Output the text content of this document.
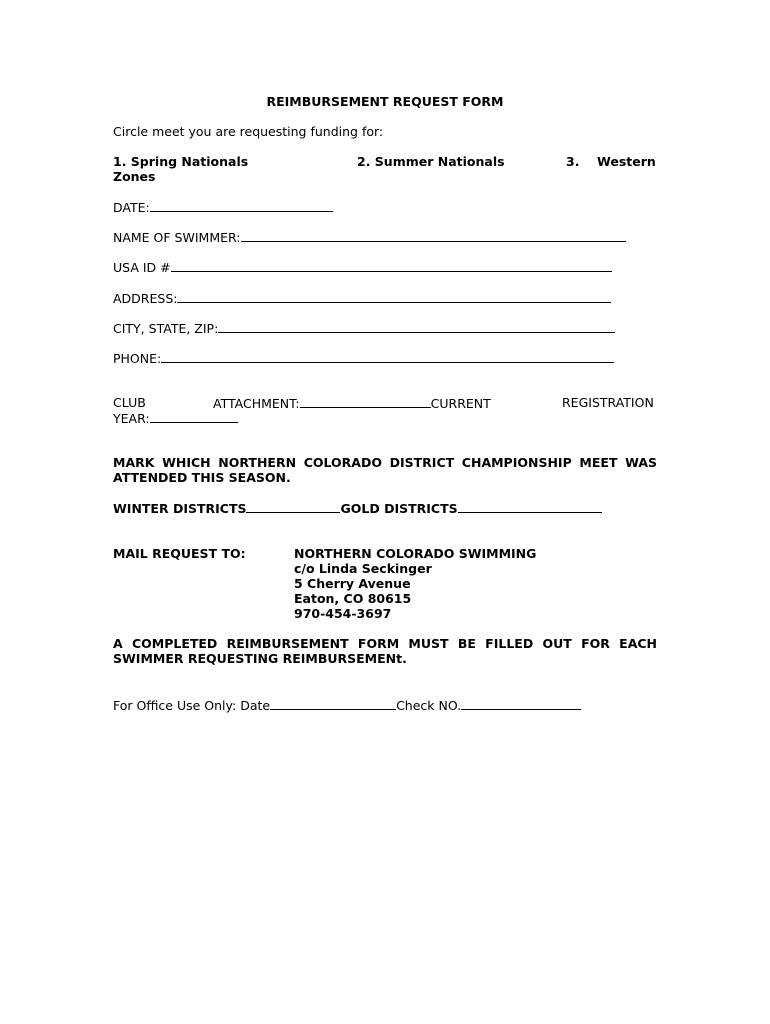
REIMBURSEMENT REQUEST FORM
Circle meet you are requesting funding for:
1. Spring Nationals	2. Summer Nationals	3. Western
Zones
DATE:
NAME OF SWIMMER:
USA ID #
ADDRESS:
CITY, STATE, ZIP:
PHONE:
CLUB	ATTACHMENT:	CURRENT	REGISTRATION
YEAR:
MARK WHICH NORTHERN COLORADO DISTRICT CHAMPIONSHIP MEET WAS ATTENDED THIS SEASON.
WINTER DISTRICTS	GOLD DISTRICTS
MAIL REQUEST TO:	NORTHERN COLORADO SWIMMING
c/o Linda Seckinger
5 Cherry Avenue
Eaton, CO 80615
970-454-3697
A COMPLETED REIMBURSEMENT FORM MUST BE FILLED OUT FOR EACH SWIMMER REQUESTING REIMBURSEMENt.
For Office Use Only: Date	Check NO.
